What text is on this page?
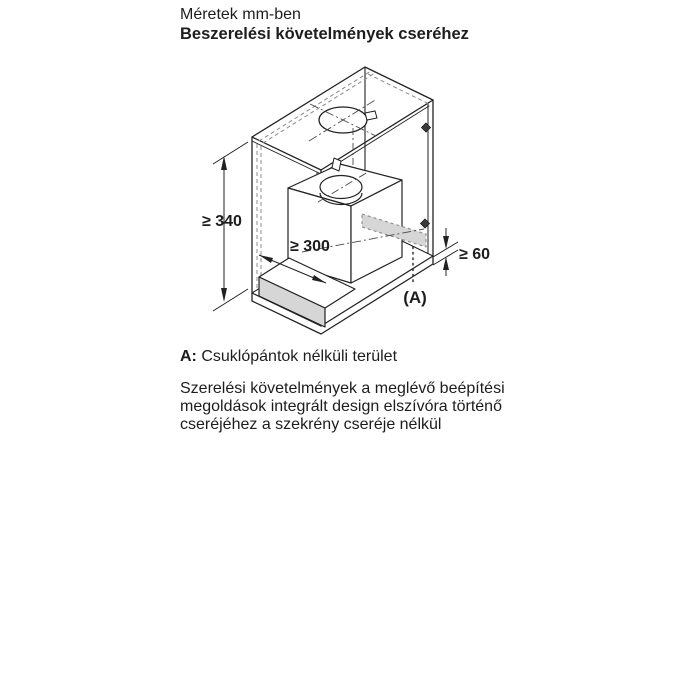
Méretek mm-ben
Beszerelési követelmények cseréhez
≥ 340
≥ 300	≥ 60
(A)
A: Csuklópántok nélküli terület
Szerelési követelmények a meglévő beépítési
megoldások integrált design elszívóra történő
cseréjéhez a szekrény cseréje nélkül
